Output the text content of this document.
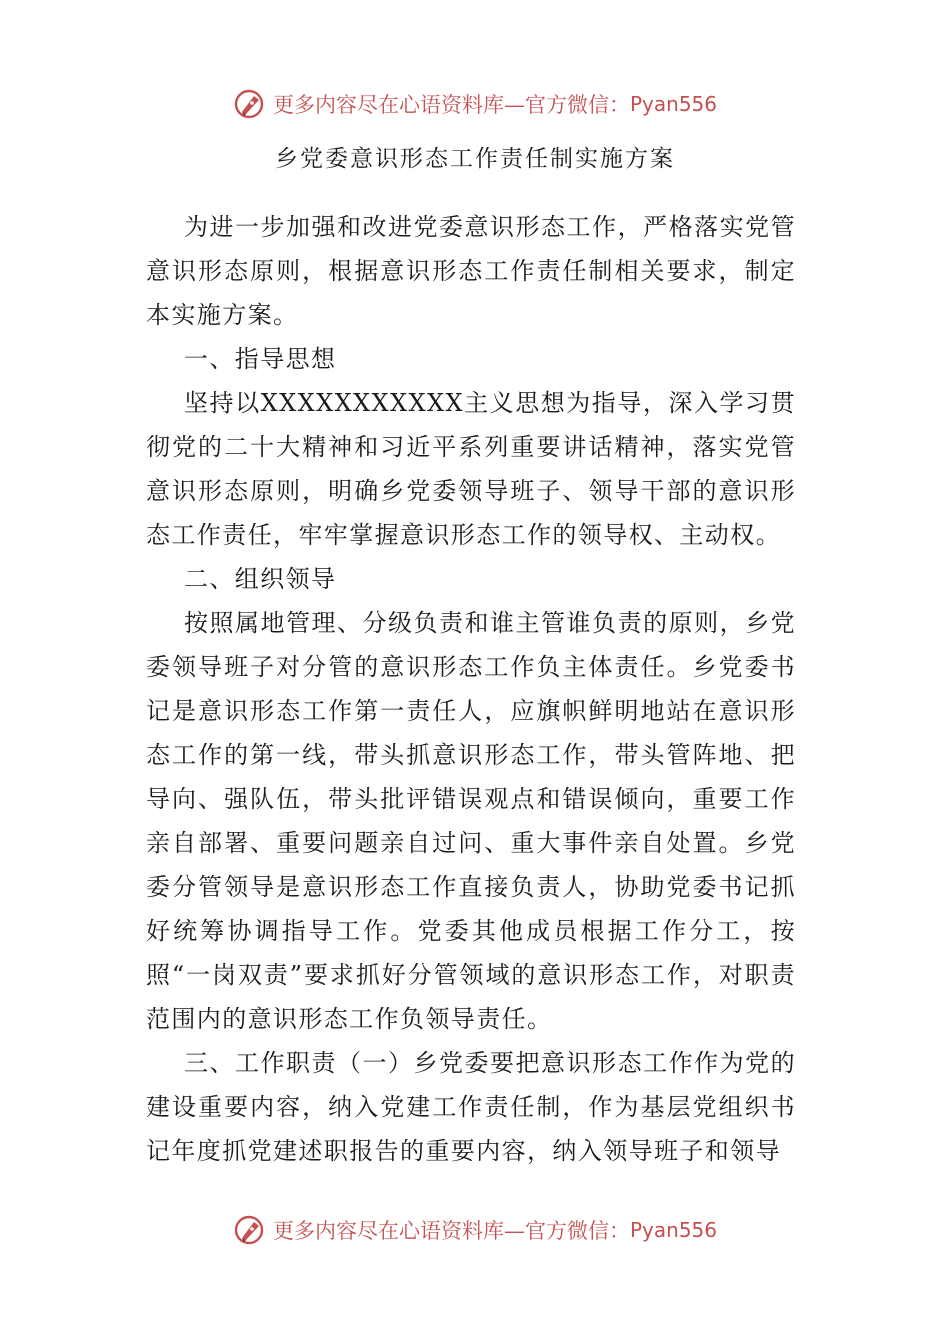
更多内容尽在心语资料库—官方微信： Pyan556
乡党委意识形态工作责任制实施方案

为进一步加强和改进党委意识形态工作，严格落实党管意识形态原则，根据意识形态工作责任制相关要求，制定本实施方案。

一、指导思想

坚持以XXXXXXXXXXX主义思想为指导，深入学习贯彻党的二十大精神和习近平系列重要讲话精神，落实党管意识形态原则，明确乡党委领导班子、领导干部的意识形态工作责任，牢牢掌握意识形态工作的领导权、主动权。

二、组织领导

按照属地管理、分级负责和谁主管谁负责的原则，乡党委领导班子对分管的意识形态工作负主体责任。乡党委书记是意识形态工作第一责任人，应旗帜鲜明地站在意识形态工作的第一线，带头抓意识形态工作，带头管阵地、把导向、强队伍，带头批评错误观点和错误倾向，重要工作亲自部署、重要问题亲自过问、重大事件亲自处置。乡党委分管领导是意识形态工作直接负责人，协助党委书记抓好统筹协调指导工作。党委其他成员根据工作分工，按照“一岗双责”要求抓好分管领域的意识形态工作，对职责范围内的意识形态工作负领导责任。

三、工作职责（一）乡党委要把意识形态工作作为党的建设重要内容，纳入党建工作责任制，作为基层党组织书记年度抓党建述职报告的重要内容，纳入领导班子和领导

更多内容尽在心语资料库—官方微信： Pyan556
